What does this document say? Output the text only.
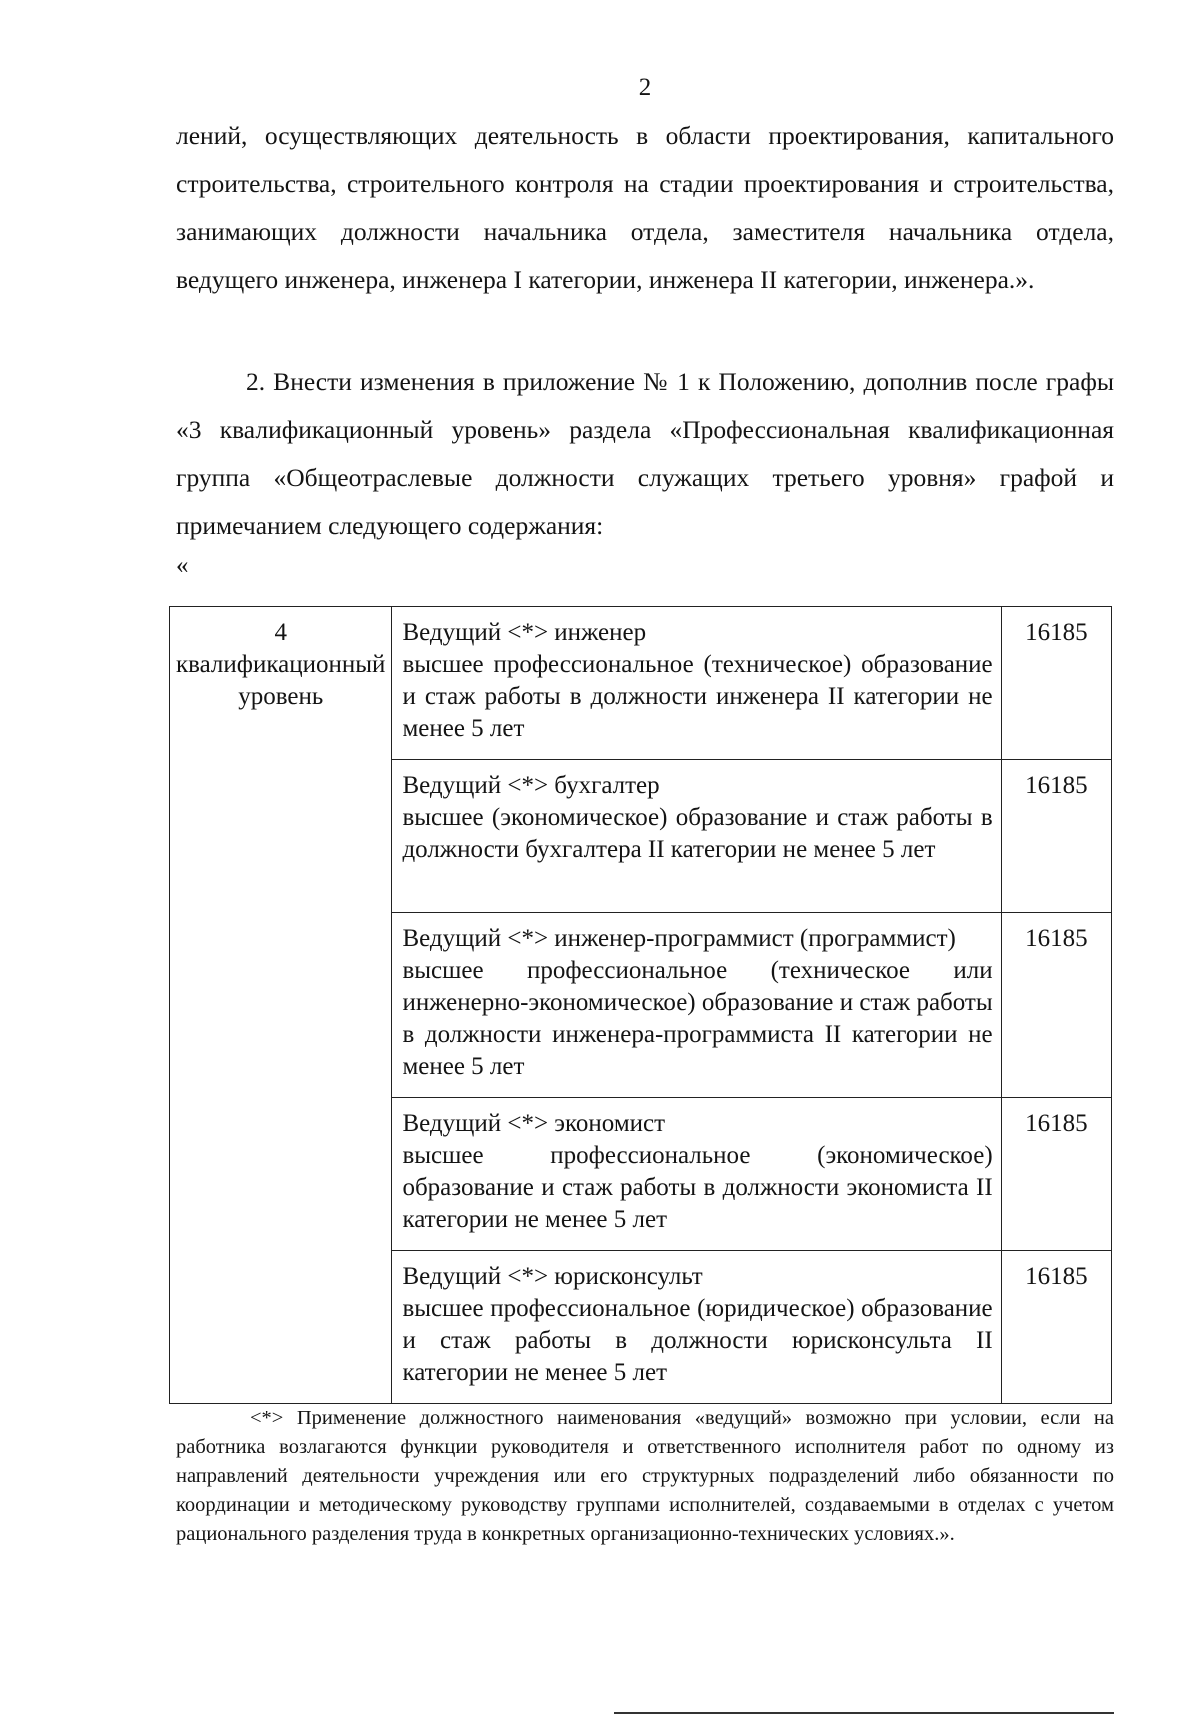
2

лений, осуществляющих деятельность в области проектирования, капитального строительства, строительного контроля на стадии проектирования и строительства, занимающих должности начальника отдела, заместителя начальника отдела, ведущего инженера, инженера I категории, инженера II категории, инженера.».

2. Внести изменения в приложение № 1 к Положению, дополнив после графы «3 квалификационный уровень» раздела «Профессиональная квалификационная группа «Общеотраслевые должности служащих третьего уровня» графой и примечанием следующего содержания:

«
4 квалификационный уровень	Ведущий <*> инженер
высшее профессиональное (техническое) образование и стаж работы в должности инженера II категории не менее 5 лет	16185

	Ведущий <*> бухгалтер
высшее (экономическое) образование и стаж работы в должности бухгалтера II категории не менее 5 лет	16185

	Ведущий <*> инженер-программист (программист)
высшее профессиональное (техническое или инженерно-экономическое) образование и стаж работы в должности инженера-программиста II категории не менее 5 лет	16185

	Ведущий <*> экономист
высшее профессиональное (экономическое) образование и стаж работы в должности экономиста II категории не менее 5 лет	16185

	Ведущий <*> юрисконсульт
высшее профессиональное (юридическое) образование и стаж работы в должности юрисконсульта II категории не менее 5 лет	16185
<*> Применение должностного наименования «ведущий» возможно при условии, если на работника возлагаются функции руководителя и ответственного исполнителя работ по одному из направлений деятельности учреждения или его структурных подразделений либо обязанности по координации и методическому руководству группами исполнителей, создаваемыми в отделах с учетом рационального разделения труда в конкретных организационно-технических условиях.».
